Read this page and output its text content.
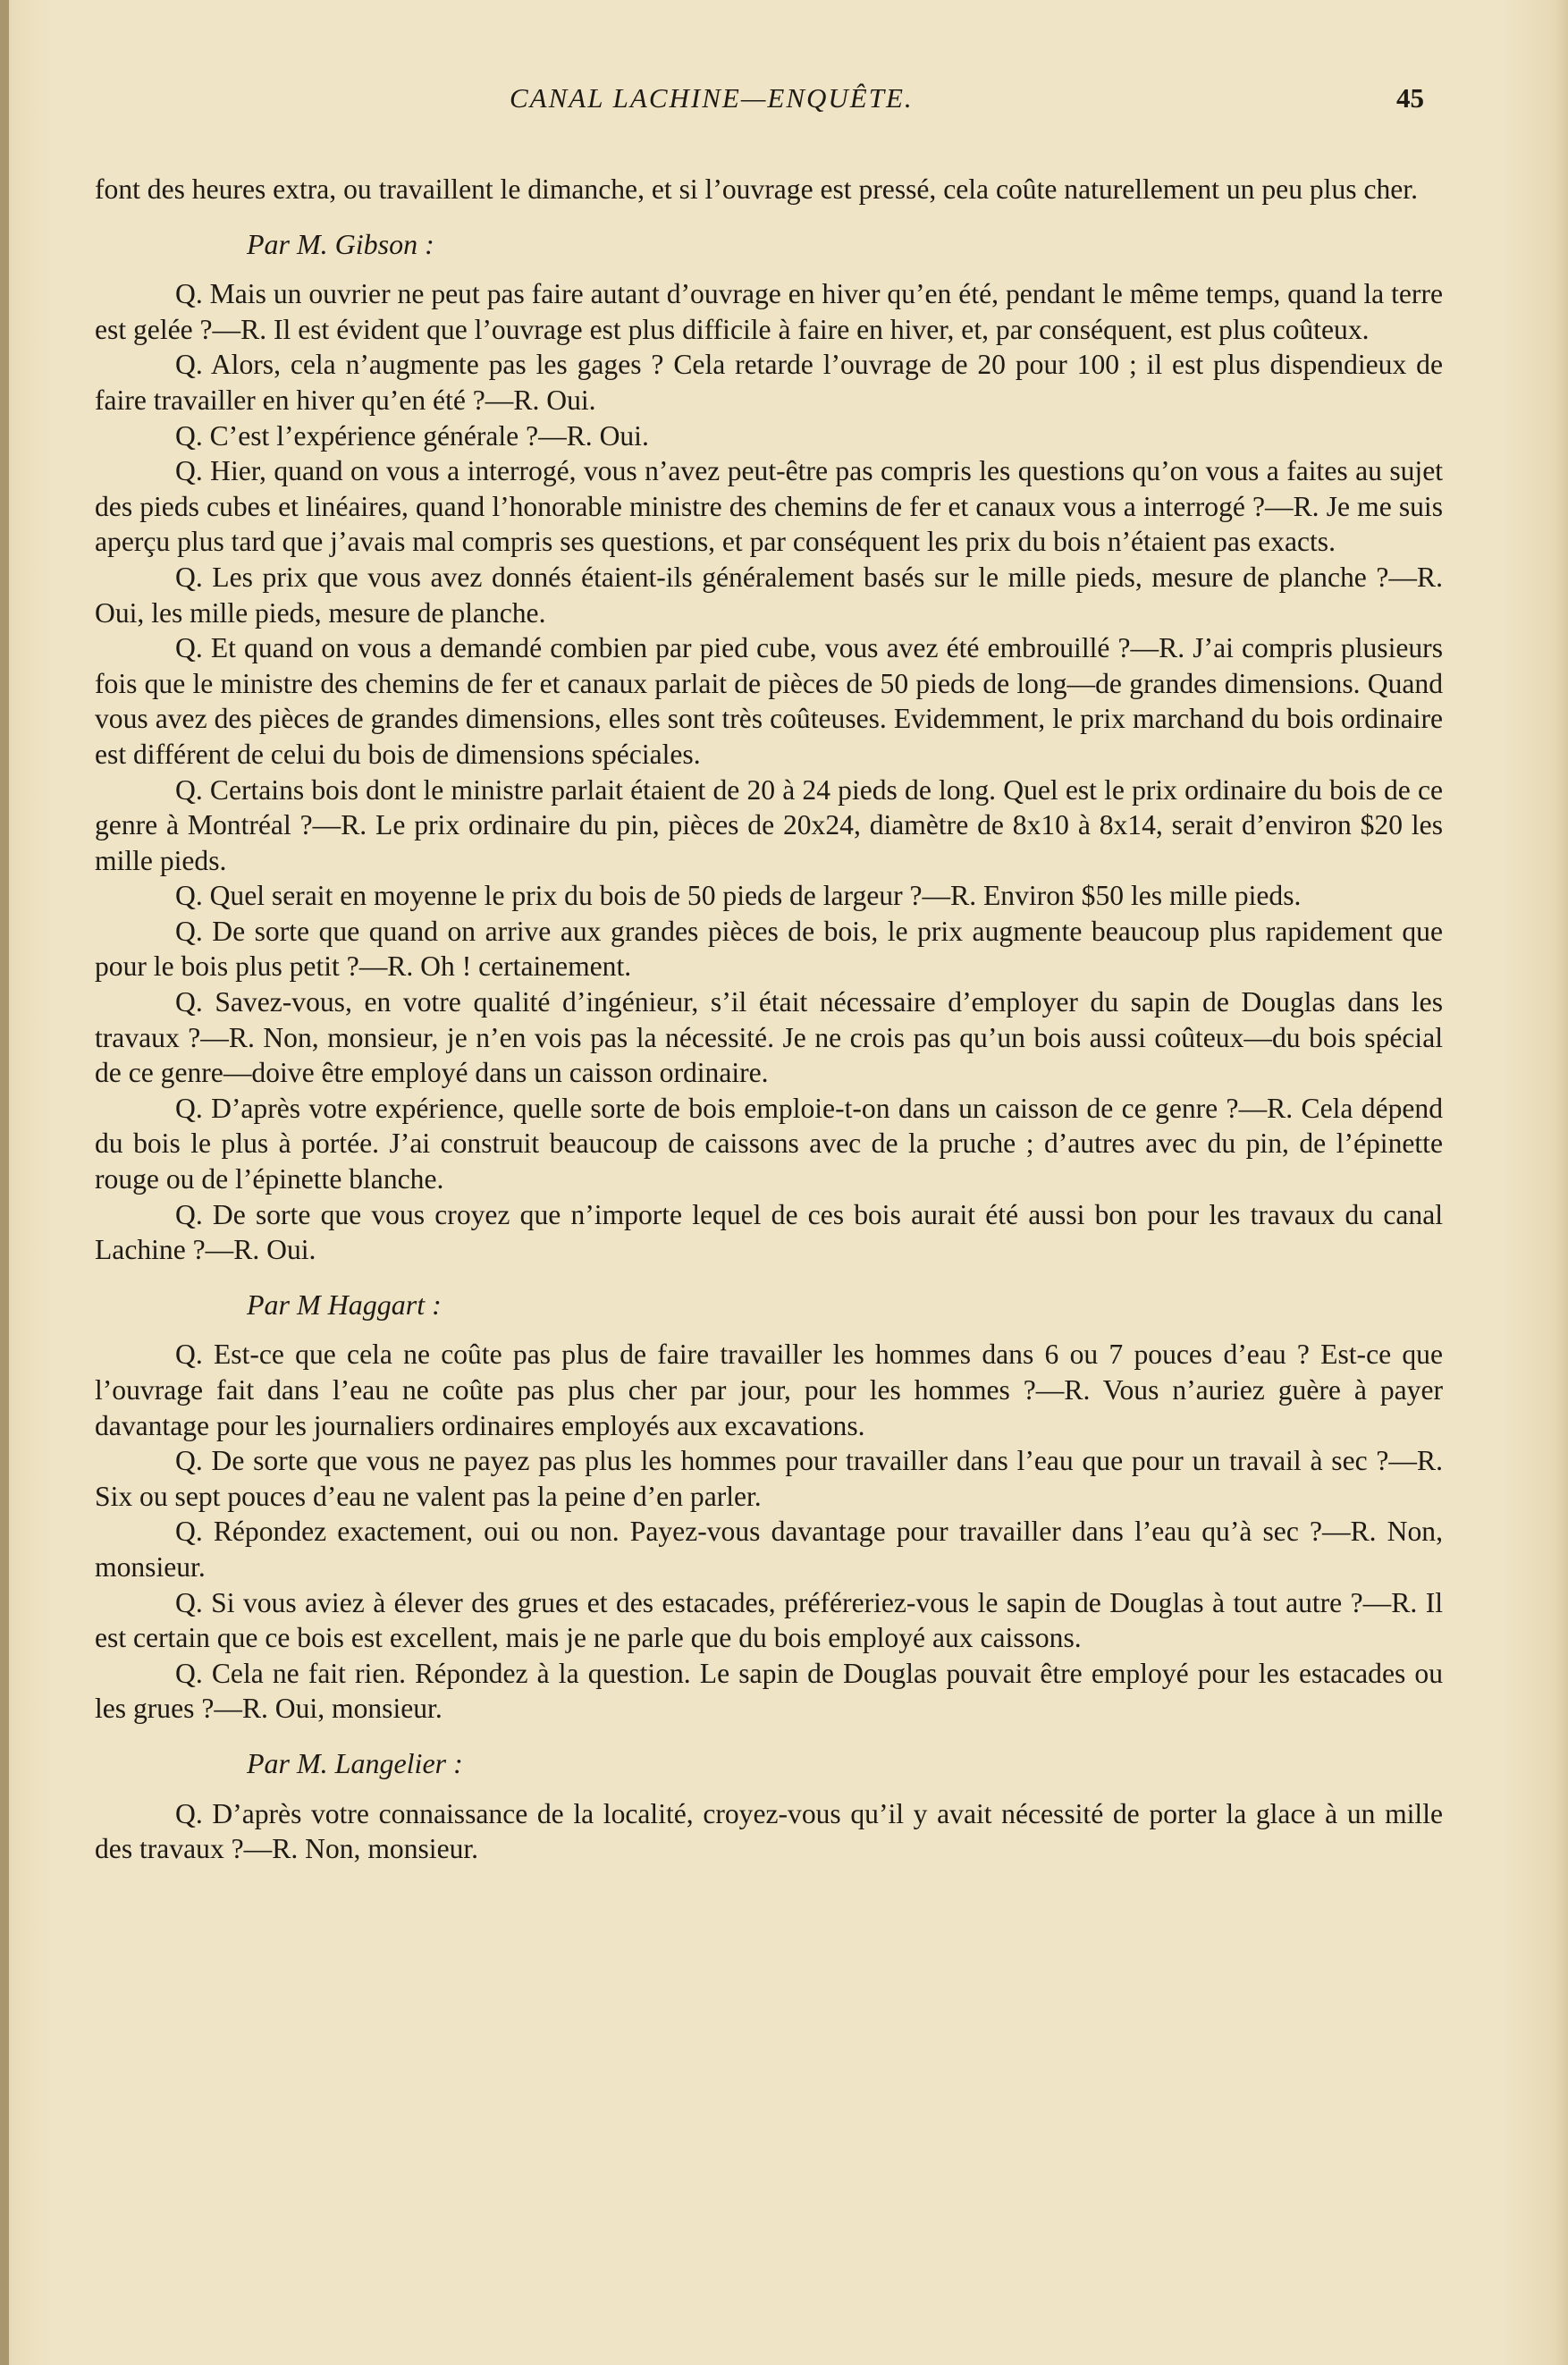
CANAL LACHINE—ENQUÊTE.	45

font des heures extra, ou travaillent le dimanche, et si l’ouvrage est pressé, cela coûte naturellement un peu plus cher.

Par M. Gibson :

Q. Mais un ouvrier ne peut pas faire autant d’ouvrage en hiver qu’en été, pendant le même temps, quand la terre est gelée ?—R. Il est évident que l’ouvrage est plus difficile à faire en hiver, et, par conséquent, est plus coûteux.

Q. Alors, cela n’augmente pas les gages ? Cela retarde l’ouvrage de 20 pour 100 ; il est plus dispendieux de faire travailler en hiver qu’en été ?—R. Oui.

Q. C’est l’expérience générale ?—R. Oui.

Q. Hier, quand on vous a interrogé, vous n’avez peut-être pas compris les questions qu’on vous a faites au sujet des pieds cubes et linéaires, quand l’honorable ministre des chemins de fer et canaux vous a interrogé ?—R. Je me suis aperçu plus tard que j’avais mal compris ses questions, et par conséquent les prix du bois n’étaient pas exacts.

Q. Les prix que vous avez donnés étaient-ils généralement basés sur le mille pieds, mesure de planche ?—R. Oui, les mille pieds, mesure de planche.

Q. Et quand on vous a demandé combien par pied cube, vous avez été embrouillé ?—R. J’ai compris plusieurs fois que le ministre des chemins de fer et canaux parlait de pièces de 50 pieds de long—de grandes dimensions. Quand vous avez des pièces de grandes dimensions, elles sont très coûteuses. Evidemment, le prix marchand du bois ordinaire est différent de celui du bois de dimensions spéciales.

Q. Certains bois dont le ministre parlait étaient de 20 à 24 pieds de long. Quel est le prix ordinaire du bois de ce genre à Montréal ?—R. Le prix ordinaire du pin, pièces de 20x24, diamètre de 8x10 à 8x14, serait d’environ $20 les mille pieds.

Q. Quel serait en moyenne le prix du bois de 50 pieds de largeur ?—R. Environ $50 les mille pieds.

Q. De sorte que quand on arrive aux grandes pièces de bois, le prix augmente beaucoup plus rapidement que pour le bois plus petit ?—R. Oh ! certainement.

Q. Savez-vous, en votre qualité d’ingénieur, s’il était nécessaire d’employer du sapin de Douglas dans les travaux ?—R. Non, monsieur, je n’en vois pas la nécessité. Je ne crois pas qu’un bois aussi coûteux—du bois spécial de ce genre—doive être employé dans un caisson ordinaire.

Q. D’après votre expérience, quelle sorte de bois emploie-t-on dans un caisson de ce genre ?—R. Cela dépend du bois le plus à portée. J’ai construit beaucoup de caissons avec de la pruche ; d’autres avec du pin, de l’épinette rouge ou de l’épinette blanche.

Q. De sorte que vous croyez que n’importe lequel de ces bois aurait été aussi bon pour les travaux du canal Lachine ?—R. Oui.

Par M Haggart :

Q. Est-ce que cela ne coûte pas plus de faire travailler les hommes dans 6 ou 7 pouces d’eau ? Est-ce que l’ouvrage fait dans l’eau ne coûte pas plus cher par jour, pour les hommes ?—R. Vous n’auriez guère à payer davantage pour les journaliers ordinaires employés aux excavations.

Q. De sorte que vous ne payez pas plus les hommes pour travailler dans l’eau que pour un travail à sec ?—R. Six ou sept pouces d’eau ne valent pas la peine d’en parler.

Q. Répondez exactement, oui ou non. Payez-vous davantage pour travailler dans l’eau qu’à sec ?—R. Non, monsieur.

Q. Si vous aviez à élever des grues et des estacades, préféreriez-vous le sapin de Douglas à tout autre ?—R. Il est certain que ce bois est excellent, mais je ne parle que du bois employé aux caissons.

Q. Cela ne fait rien. Répondez à la question. Le sapin de Douglas pouvait être employé pour les estacades ou les grues ?—R. Oui, monsieur.

Par M. Langelier :

Q. D’après votre connaissance de la localité, croyez-vous qu’il y avait nécessité de porter la glace à un mille des travaux ?—R. Non, monsieur.
